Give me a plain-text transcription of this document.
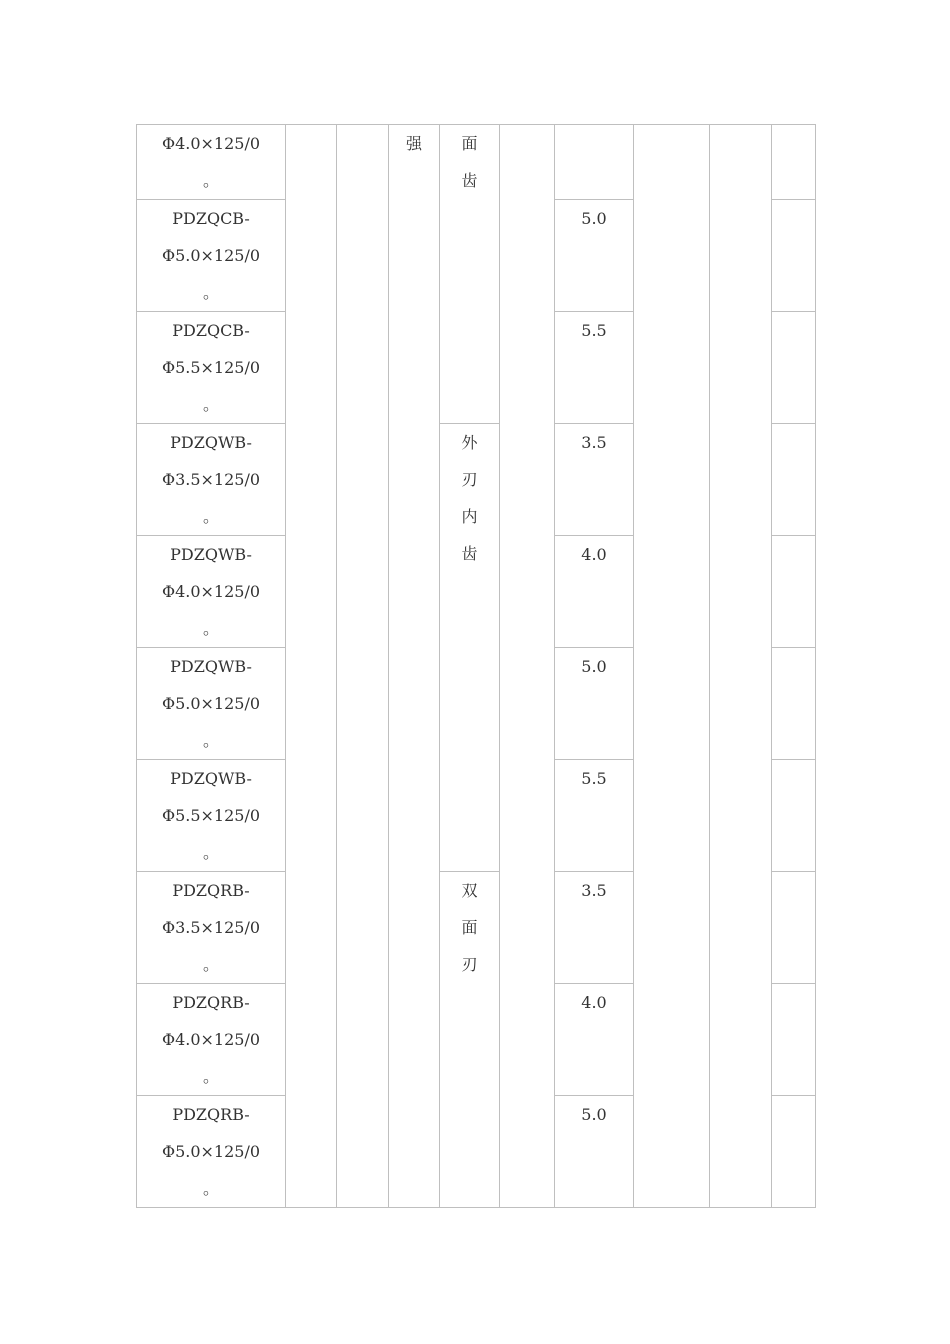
Φ4.0×125/0
。			强	面
齿					

PDZQCB-
Φ5.0×125/0
。						5.0			

PDZQCB-
Φ5.5×125/0
。						5.5			

PDZQWB-
Φ3.5×125/0
。				外
刃
内
齿		3.5			

PDZQWB-
Φ4.0×125/0
。						4.0			

PDZQWB-
Φ5.0×125/0
。						5.0			

PDZQWB-
Φ5.5×125/0
。						5.5			

PDZQRB-
Φ3.5×125/0
。				双
面
刃		3.5			

PDZQRB-
Φ4.0×125/0
。						4.0			

PDZQRB-
Φ5.0×125/0
。						5.0			
